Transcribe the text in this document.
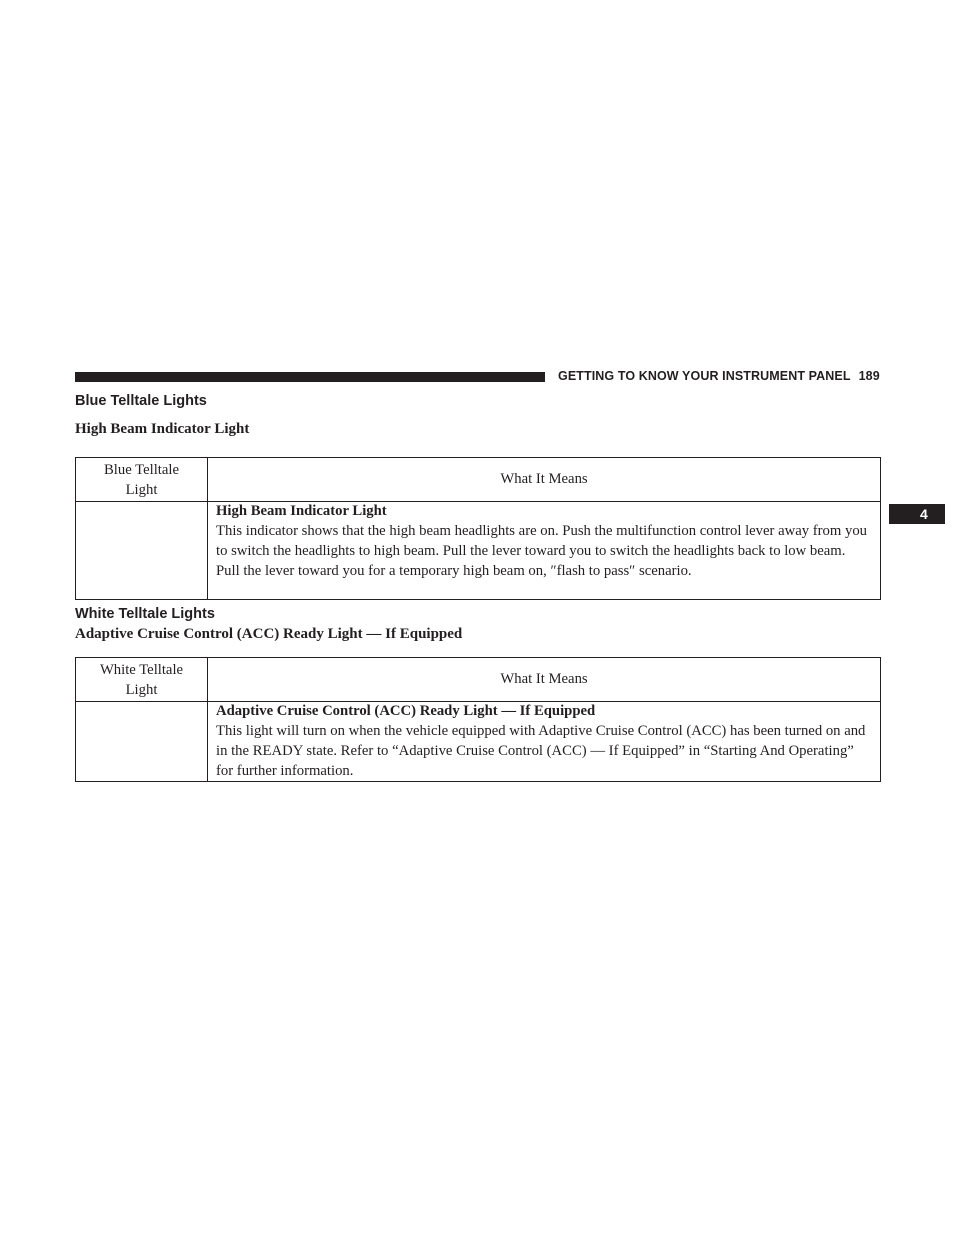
GETTING TO KNOW YOUR INSTRUMENT PANEL 189
4
Blue Telltale Lights
High Beam Indicator Light
Blue Telltale
Light	What It Means

	High Beam Indicator Light
This indicator shows that the high beam headlights are on. Push the multifunction control lever away from you to switch the headlights to high beam. Pull the lever toward you to switch the headlights back to low beam. Pull the lever toward you for a temporary high beam on, ″flash to pass″ scenario.
White Telltale Lights
Adaptive Cruise Control (ACC) Ready Light — If Equipped
White Telltale
Light	What It Means

	Adaptive Cruise Control (ACC) Ready Light — If Equipped
This light will turn on when the vehicle equipped with Adaptive Cruise Control (ACC) has been turned on and in the READY state. Refer to “Adaptive Cruise Control (ACC) — If Equipped” in “Starting And Operating” for further information.
